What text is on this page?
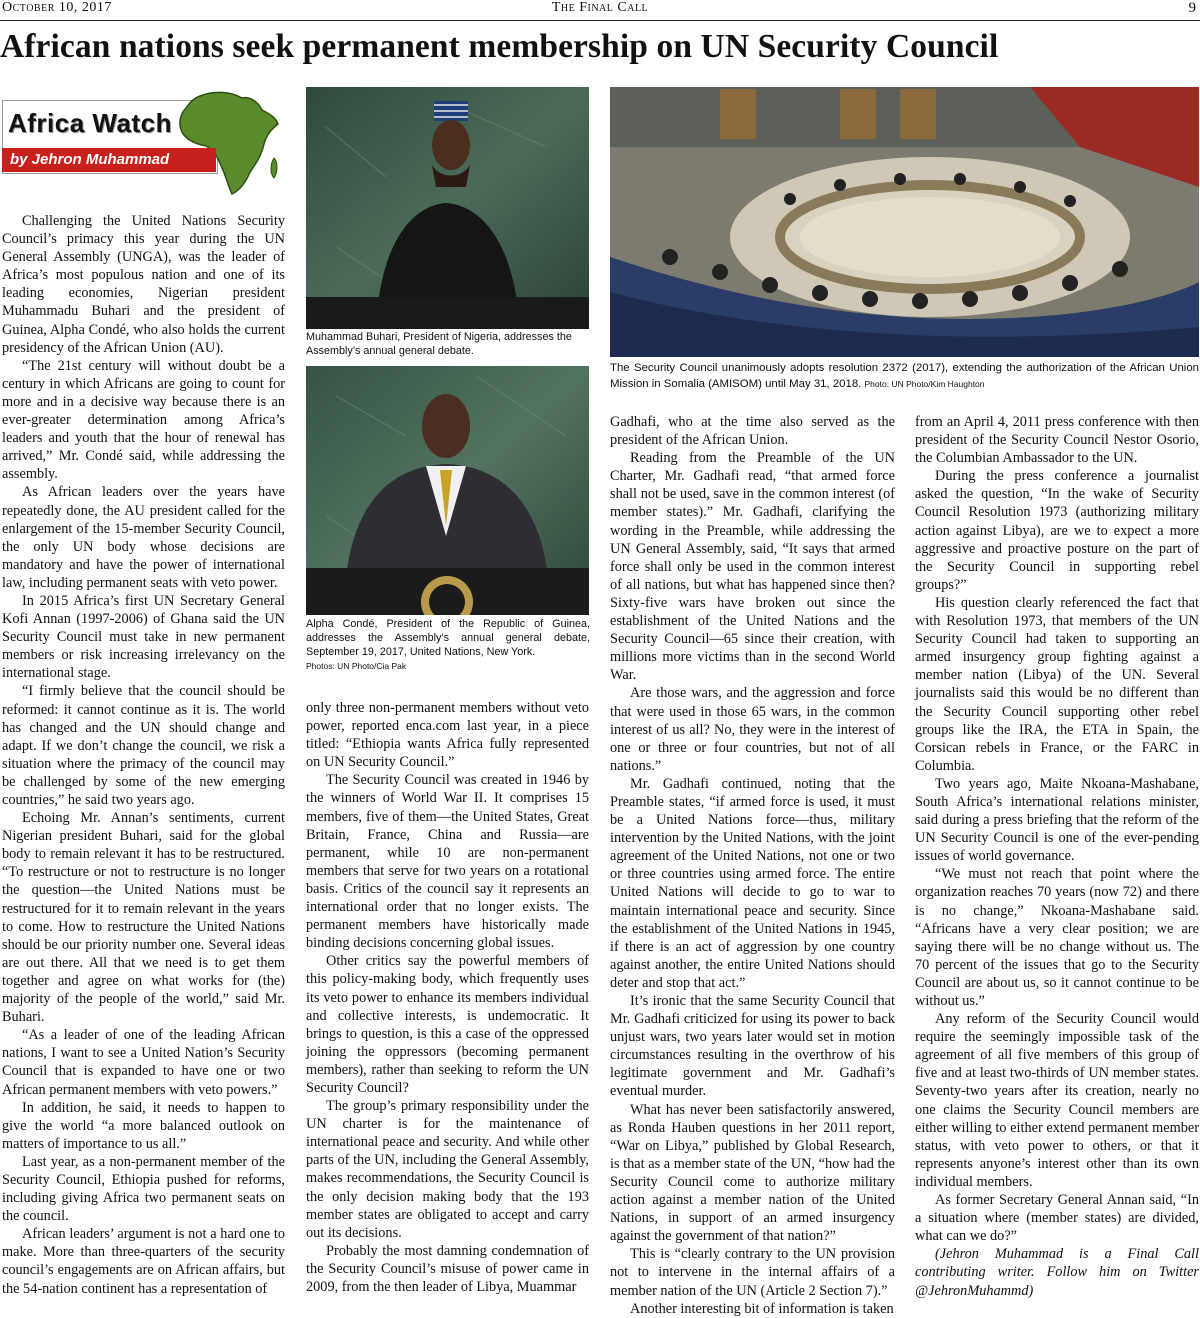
October 10, 2017	The Final Call	9
African nations seek permanent membership on UN Security Council
Africa Watch
by Jehron Muhammad

Challenging the United Nations Security Council’s primacy this year during the UN General Assembly (UNGA), was the leader of Africa’s most populous nation and one of its leading economies, Nigerian president Muhammadu Buhari and the president of Guinea, Alpha Condé, who also holds the current presidency of the African Union (AU).

“The 21st century will without doubt be a century in which Africans are going to count for more and in a decisive way because there is an ever-greater determination among Africa’s leaders and youth that the hour of renewal has arrived,” Mr. Condé said, while addressing the assembly.

As African leaders over the years have repeatedly done, the AU president called for the enlargement of the 15-member Security Council, the only UN body whose decisions are mandatory and have the power of international law, including permanent seats with veto power.

In 2015 Africa’s first UN Secretary General Kofi Annan (1997-2006) of Ghana said the UN Security Council must take in new permanent members or risk increasing irrelevancy on the international stage.

“I firmly believe that the council should be reformed: it cannot continue as it is. The world has changed and the UN should change and adapt. If we don’t change the council, we risk a situation where the primacy of the council may be challenged by some of the new emerging countries,” he said two years ago.

Echoing Mr. Annan’s sentiments, current Nigerian president Buhari, said for the global body to remain relevant it has to be restructured. “To restructure or not to restructure is no longer the question—the United Nations must be restructured for it to remain relevant in the years to come. How to restructure the United Nations should be our priority number one. Several ideas are out there. All that we need is to get them together and agree on what works for (the) majority of the people of the world,” said Mr. Buhari.

“As a leader of one of the leading African nations, I want to see a United Nation’s Security Council that is expanded to have one or two African permanent members with veto powers.”

In addition, he said, it needs to happen to give the world “a more balanced outlook on matters of importance to us all.”

Last year, as a non-permanent member of the Security Council, Ethiopia pushed for reforms, including giving Africa two permanent seats on the council.

African leaders’ argument is not a hard one to make. More than three-quarters of the security council’s engagements are on African affairs, but the 54-nation continent has a representation of

Muhammad Buhari, President of Nigeria, addresses the Assembly’s annual general debate.
Alpha Condé, President of the Republic of Guinea, addresses the Assembly’s annual general debate, September 19, 2017, United Nations, New York.
Photos: UN Photo/Cia Pak
The Security Council unanimously adopts resolution 2372 (2017), extending the authorization of the African Union Mission in Somalia (AMISOM) until May 31, 2018. Photo: UN Photo/Kim Haughton

only three non-permanent members without veto power, reported enca.com last year, in a piece titled: “Ethiopia wants Africa fully represented on UN Security Council.”

The Security Council was created in 1946 by the winners of World War II. It comprises 15 members, five of them—the United States, Great Britain, France, China and Russia—are permanent, while 10 are non-permanent members that serve for two years on a rotational basis. Critics of the council say it represents an international order that no longer exists. The permanent members have historically made binding decisions concerning global issues.

Other critics say the powerful members of this policy-making body, which frequently uses its veto power to enhance its members individual and collective interests, is undemocratic. It brings to question, is this a case of the oppressed joining the oppressors (becoming permanent members), rather than seeking to reform the UN Security Council?

The group’s primary responsibility under the UN charter is for the maintenance of international peace and security. And while other parts of the UN, including the General Assembly, makes recommendations, the Security Council is the only decision making body that the 193 member states are obligated to accept and carry out its decisions.

Probably the most damning condemnation of the Security Council’s misuse of power came in 2009, from the then leader of Libya, Muammar

Gadhafi, who at the time also served as the president of the African Union.

Reading from the Preamble of the UN Charter, Mr. Gadhafi read, “that armed force shall not be used, save in the common interest (of member states).” Mr. Gadhafi, clarifying the wording in the Preamble, while addressing the UN General Assembly, said, “It says that armed force shall only be used in the common interest of all nations, but what has happened since then? Sixty-five wars have broken out since the establishment of the United Nations and the Security Council—65 since their creation, with millions more victims than in the second World War.

Are those wars, and the aggression and force that were used in those 65 wars, in the common interest of us all? No, they were in the interest of one or three or four countries, but not of all nations.”

Mr. Gadhafi continued, noting that the Preamble states, “if armed force is used, it must be a United Nations force—thus, military intervention by the United Nations, with the joint agreement of the United Nations, not one or two or three countries using armed force. The entire United Nations will decide to go to war to maintain international peace and security. Since the establishment of the United Nations in 1945, if there is an act of aggression by one country against another, the entire United Nations should deter and stop that act.”

It’s ironic that the same Security Council that Mr. Gadhafi criticized for using its power to back unjust wars, two years later would set in motion circumstances resulting in the overthrow of his legitimate government and Mr. Gadhafi’s eventual murder.

What has never been satisfactorily answered, as Ronda Hauben questions in her 2011 report, “War on Libya,” published by Global Research, is that as a member state of the UN, “how had the Security Council come to authorize military action against a member nation of the United Nations, in support of an armed insurgency against the government of that nation?”

This is “clearly contrary to the UN provision not to intervene in the internal affairs of a member nation of the UN (Article 2 Section 7).”

Another interesting bit of information is taken

from an April 4, 2011 press conference with then president of the Security Council Nestor Osorio, the Columbian Ambassador to the UN.

During the press conference a journalist asked the question, “In the wake of Security Council Resolution 1973 (authorizing military action against Libya), are we to expect a more aggressive and proactive posture on the part of the Security Council in supporting rebel groups?”

His question clearly referenced the fact that with Resolution 1973, that members of the UN Security Council had taken to supporting an armed insurgency group fighting against a member nation (Libya) of the UN. Several journalists said this would be no different than the Security Council supporting other rebel groups like the IRA, the ETA in Spain, the Corsican rebels in France, or the FARC in Columbia.

Two years ago, Maite Nkoana-Mashabane, South Africa’s international relations minister, said during a press briefing that the reform of the UN Security Council is one of the ever-pending issues of world governance.

“We must not reach that point where the organization reaches 70 years (now 72) and there is no change,” Nkoana-Mashabane said. “Africans have a very clear position; we are saying there will be no change without us. The 70 percent of the issues that go to the Security Council are about us, so it cannot continue to be without us.”

Any reform of the Security Council would require the seemingly impossible task of the agreement of all five members of this group of five and at least two-thirds of UN member states. Seventy-two years after its creation, nearly no one claims the Security Council members are either willing to either extend permanent member status, with veto power to others, or that it represents anyone’s interest other than its own individual members.

As former Secretary General Annan said, “In a situation where (member states) are divided, what can we do?”

(Jehron Muhammad is a Final Call contributing writer. Follow him on Twitter @JehronMuhammd)
